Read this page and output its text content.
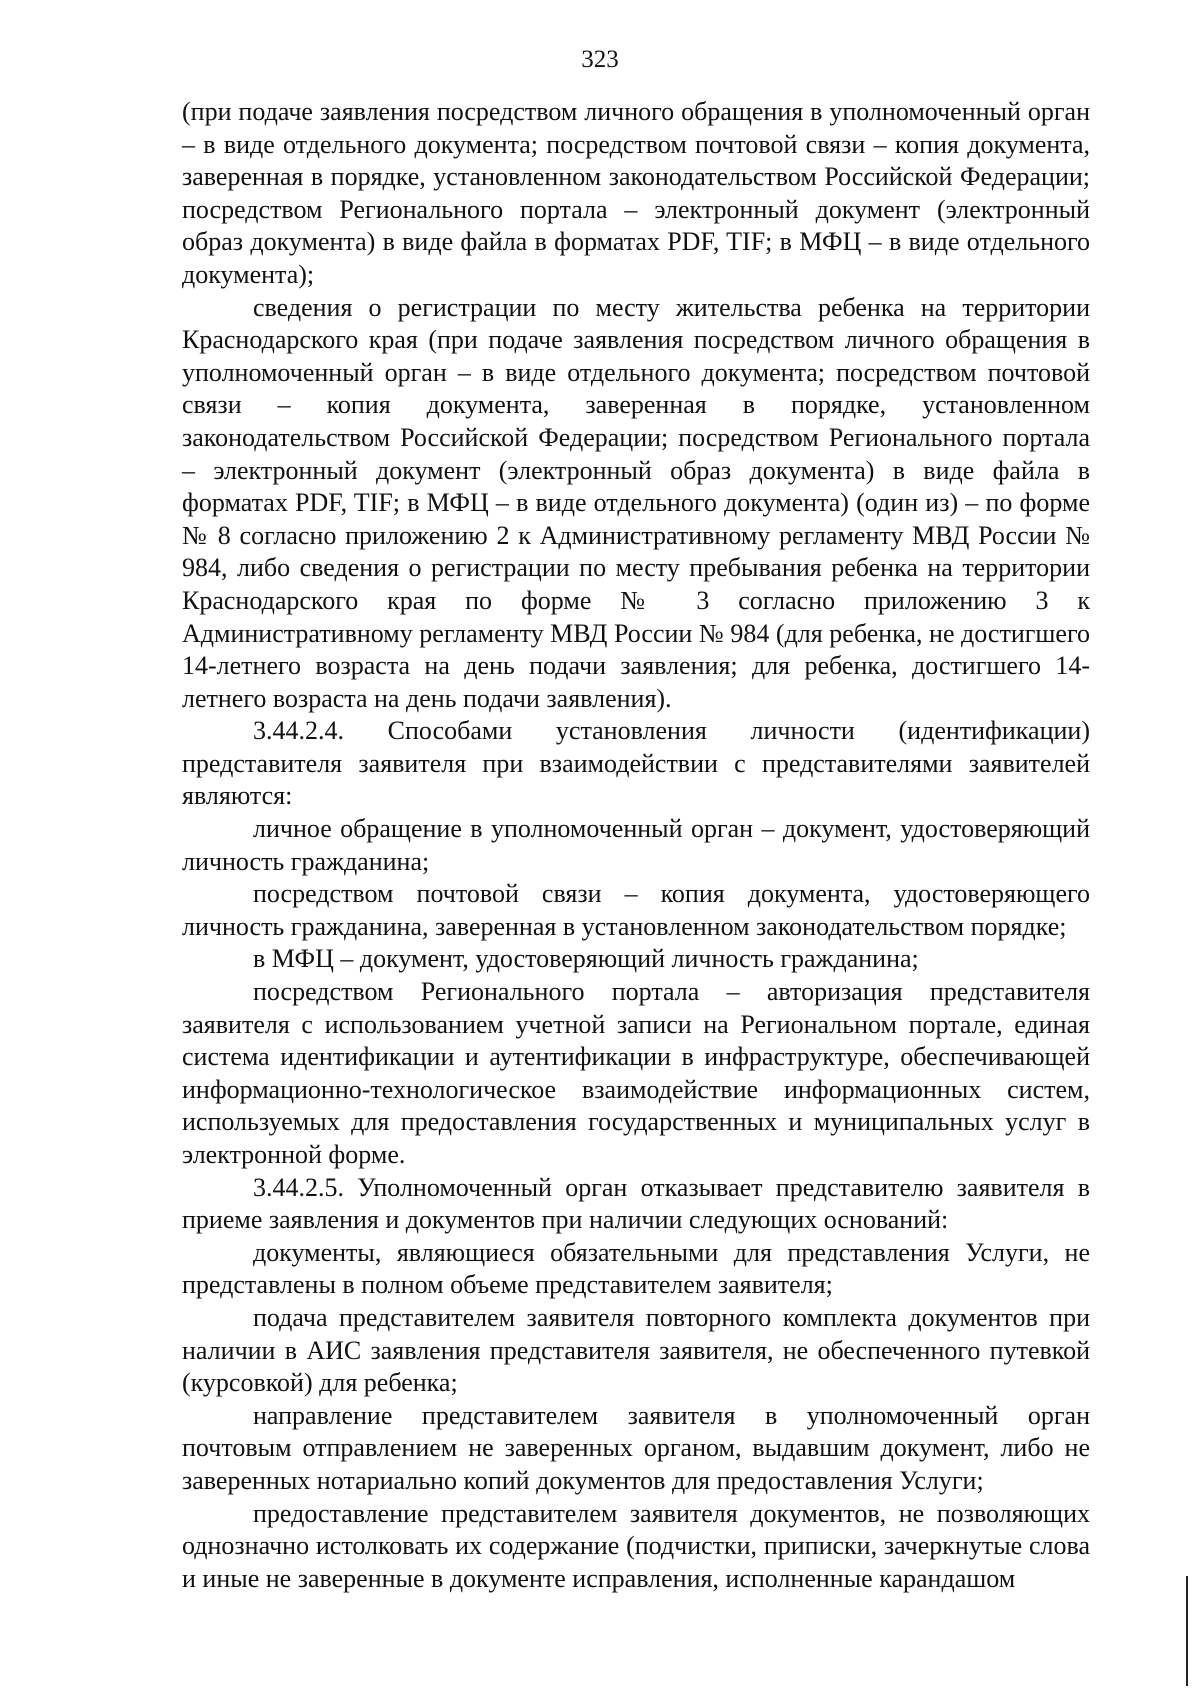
323

(при подаче заявления посредством личного обращения в уполномоченный орган – в виде отдельного документа; посредством почтовой связи – копия документа, заверенная в порядке, установленном законодательством Российской Федерации; посредством Регионального портала – электронный документ (электронный образ документа) в виде файла в форматах PDF, TIF; в МФЦ – в виде отдельного документа);

сведения о регистрации по месту жительства ребенка на территории Краснодарского края (при подаче заявления посредством личного обращения в уполномоченный орган – в виде отдельного документа; посредством почтовой связи – копия документа, заверенная в порядке, установленном законодательством Российской Федерации; посредством Регионального портала – электронный документ (электронный образ документа) в виде файла в форматах PDF, TIF; в МФЦ – в виде отдельного документа) (один из) – по форме № 8 согласно приложению 2 к Административному регламенту МВД России № 984, либо сведения о регистрации по месту пребывания ребенка на территории Краснодарского края по форме № 3 согласно приложению 3 к Административному регламенту МВД России № 984 (для ребенка, не достигшего 14-летнего возраста на день подачи заявления; для ребенка, достигшего 14-летнего возраста на день подачи заявления).

3.44.2.4. Способами установления личности (идентификации) представителя заявителя при взаимодействии с представителями заявителей являются:

личное обращение в уполномоченный орган – документ, удостоверяющий личность гражданина;

посредством почтовой связи – копия документа, удостоверяющего личность гражданина, заверенная в установленном законодательством порядке;

в МФЦ – документ, удостоверяющий личность гражданина;

посредством Регионального портала – авторизация представителя заявителя с использованием учетной записи на Региональном портале, единая система идентификации и аутентификации в инфраструктуре, обеспечивающей информационно-технологическое взаимодействие информационных систем, используемых для предоставления государственных и муниципальных услуг в электронной форме.

3.44.2.5. Уполномоченный орган отказывает представителю заявителя в приеме заявления и документов при наличии следующих оснований:

документы, являющиеся обязательными для представления Услуги, не представлены в полном объеме представителем заявителя;

подача представителем заявителя повторного комплекта документов при наличии в АИС заявления представителя заявителя, не обеспеченного путевкой (курсовкой) для ребенка;

направление представителем заявителя в уполномоченный орган почтовым отправлением не заверенных органом, выдавшим документ, либо не заверенных нотариально копий документов для предоставления Услуги;

предоставление представителем заявителя документов, не позволяющих однозначно истолковать их содержание (подчистки, приписки, зачеркнутые слова и иные не заверенные в документе исправления, исполненные карандашом
